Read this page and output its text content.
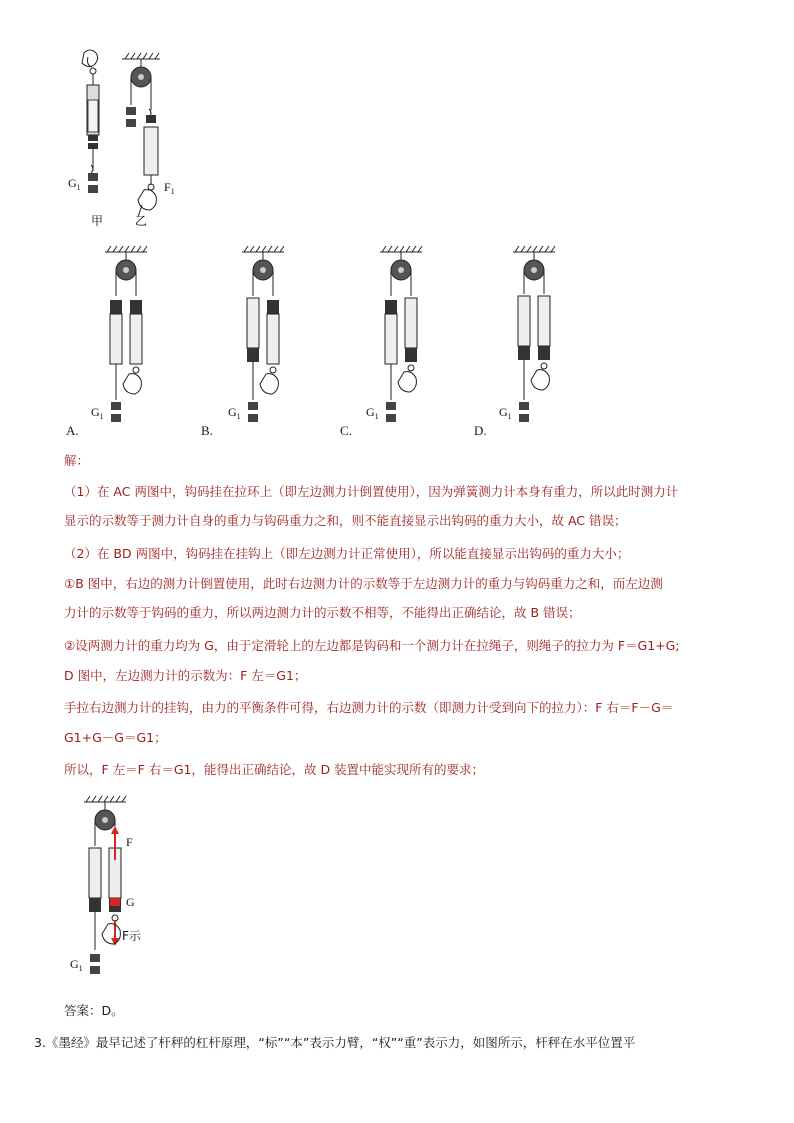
$G_1$
甲
$F_1$
乙
$G_1$
A.
$G_1$
B.
$G_1$
C.
$G_1$
D.
解：
（1）在 AC 两图中，钩码挂在拉环上（即左边测力计倒置使用），因为弹簧测力计本身有重力，所以此时测力计
显示的示数等于测力计自身的重力与钩码重力之和，则不能直接显示出钩码的重力大小，故 AC 错误；
（2）在 BD 两图中，钩码挂在挂钩上（即左边测力计正常使用），所以能直接显示出钩码的重力大小；
①B 图中，右边的测力计倒置使用，此时右边测力计的示数等于左边测力计的重力与钩码重力之和，而左边测
力计的示数等于钩码的重力，所以两边测力计的示数不相等，不能得出正确结论，故 B 错误；
②设两测力计的重力均为 G，由于定滑轮上的左边都是钩码和一个测力计在拉绳子，则绳子的拉力为 F＝G1+G;
D 图中，左边测力计的示数为：F 左＝G1；
手拉右边测力计的挂钩，由力的平衡条件可得，右边测力计的示数（即测力计受到向下的拉力）：F 右＝F－G＝
G1+G－G＝G1；
所以，F 左＝F 右＝G1，能得出正确结论，故 D 装置中能实现所有的要求；
F
G
F示
$G_1$
答案：D。
3.《墨经》最早记述了杆秤的杠杆原理，“标”“本”表示力臂，“权”“重”表示力，如图所示，杆秤在水平位置平
